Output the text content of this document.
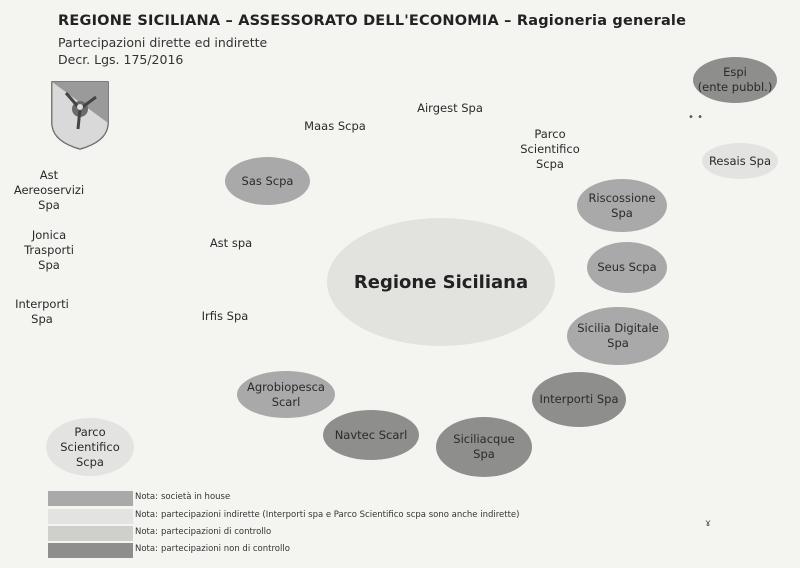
REGIONE SICILIANA – ASSESSORATO DELL'ECONOMIA – Ragioneria generale
Partecipazioni dirette ed indirette
Decr. Lgs. 175/2016
Regione Siciliana
Espi
(ente pubbl.)
• •
Resais Spa
Airgest Spa
Maas Scpa
Parco
Scientifico
Scpa
Sas Scpa
Riscossione
Spa
Seus Scpa
Sicilia Digitale
Spa
Interporti Spa
Siciliacque
Spa
Navtec Scarl
Agrobiopesca
Scarl
Ast
Aereoservizi
Spa
Jonica
Trasporti
Spa
Interporti
Spa
Ast spa
Irfis Spa
Parco
Scientifico
Scpa
Nota: società in house
Nota: partecipazioni indirette (Interporti spa e Parco Scientifico scpa sono anche indirette)
Nota: partecipazioni di controllo
Nota: partecipazioni non di controllo
ɤ
